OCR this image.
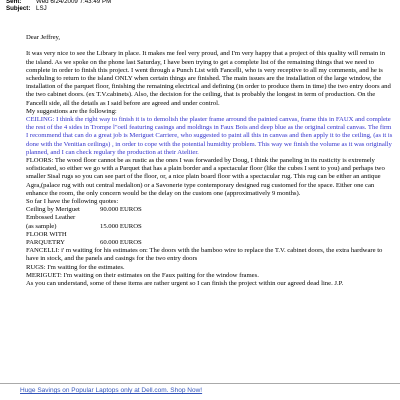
Sent:	Wed 6/24/2009 7:43:49 PM
Subject: LSJ

Dear Jeffrey,

It was very nice to see the Library in place. It makes me feel very proud, and I'm very happy that a project of this quality will remain in the island. As we spoke on the phone last Saturday, I have been trying to get a complete list of the remaining things that we need to complete in order to finish this project. I went through a Punch List with Fancelli, who is very receptive to all my comments, and he is scheduling to return to the island ONLY when certain things are finished. The main issues are the installation of the large window, the installation of the parquet floor, finishing the remaining electrical and defining (in order to produce them in time) the two entry doors and the two cabinet doors. (ex T.V.cabinets). Also, the decision for the ceiling, that is probably the longest in term of production. On the Fancelli side, all the details as I said before are agreed and under control.

My suggestions are the following:

CEILING: I think the right way to finish it is to demolish the plaster frame arround the painted canvas, frame this in FAUX and complete the rest of the 4 sides in Trompe l"oeil featuring casings and moldings in Faux Bois and deep blue as the original central canvas. The firm I recommend that can do a great job is Meriguet Carriere, who suggested to paint all this in canvas and then apply it to the ceiling, (as it is done with the Venitian ceilings) , in order to cope with the potential humidity problem. This way we finish the volume as it was originally planned, and I can check regulary the production at their Ateliier.

FLOORS: The wood floor cannot be as rustic as the ones I was forwarded by Doug, I think the paneling in its rusticity is extremely sofisticated, so either we go with a Parquet that has a plain border and a spectacular floor (like the cubes I sent to you) and perhaps two smaller Sisal rugs so you can see part of the floor, or, a nice plain board floor with a spectacular rug. This rug can be either an antique Agra,(palace rug with out central medalion) or a Savonerie type contemporary designed rug customed for the space. Either one can enhance the room, the only concern would be the delay on the custom one (approximatively 9 months).

So far I have the following quotes:

Ceiling by Meriguet	90.000 EUROS
Embossed Leather
(as sample)	15.000 EUROS
FLOOR WITH
PARQUETRY	60.000 EUROS

FANCELLI: i' m waiting for his estimates on: The doors with the bamboo wire to replace the T.V. cabinet doors, the extra hardware to have in stock, and the panels and casings for the two entry doors

RUGS: I'm waiting for the estimates.

MERIGUET: I'm waiting on their estimates on the Faux paiting for the window frames.

As you can understand, some of these items are rather urgent so I can finish the project within our agreed dead line. J.P.

Huge Savings on Popular Laptops only at Dell.com. Shop Now!
